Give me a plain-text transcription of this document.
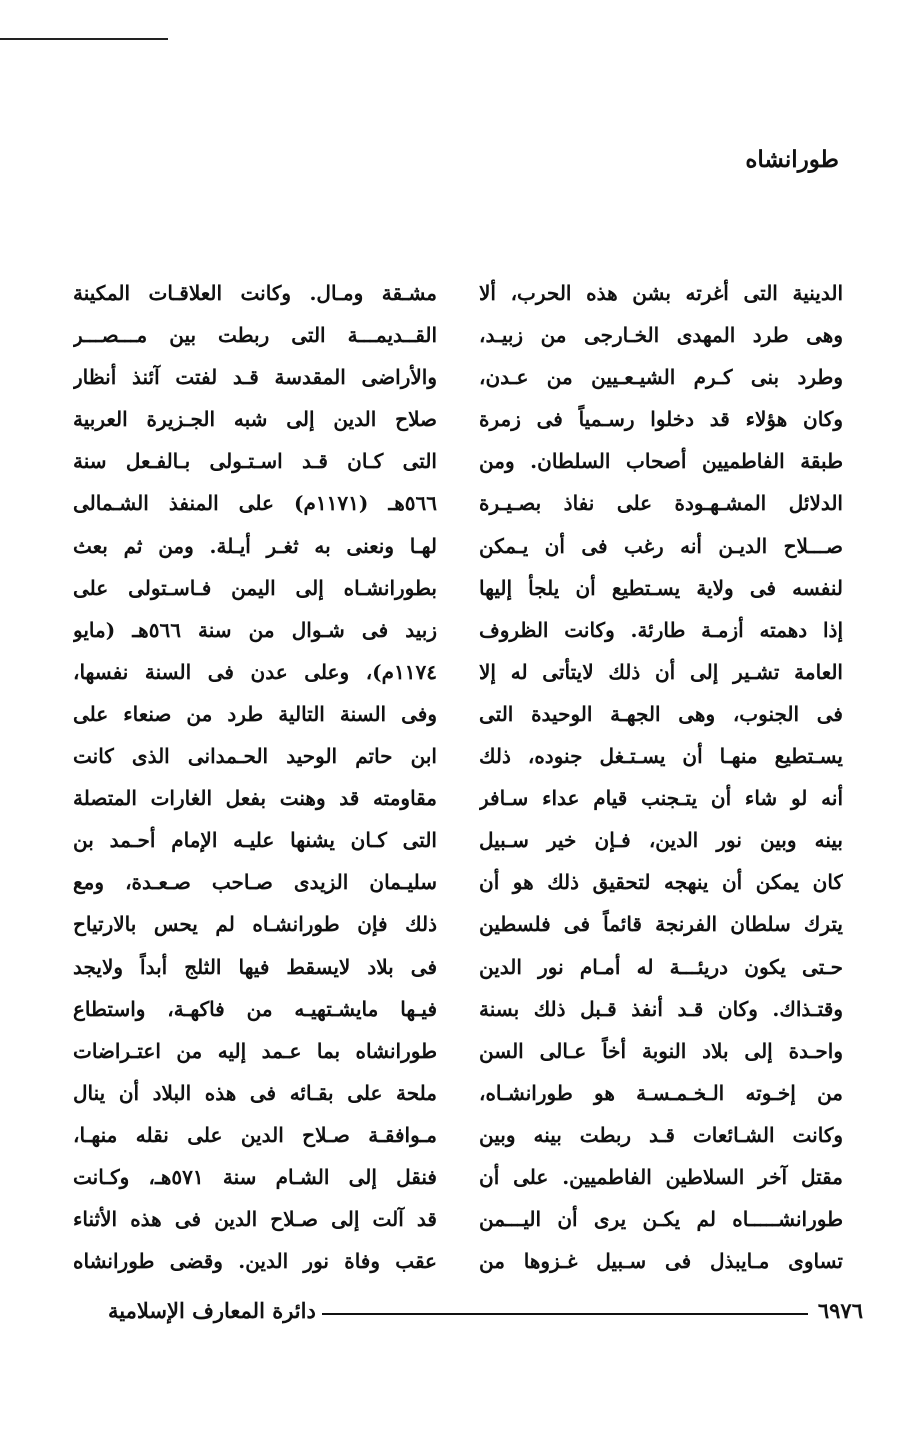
طورانشاه
الدينية التى أغرته بشن هذه الحرب، ألا
وهى طرد المهدى الخـارجى من زبيـد،
وطرد بنى كـرم الشيـعـيين من عـدن،
وكان هؤلاء قد دخلوا رسـمياً فى زمرة
طبقة الفاطميين أصحاب السلطان. ومن
الدلائل المشـهـودة على نفاذ بصـيـرة
صـــلاح الديـن أنه رغب فى أن يـمكن
لنفسه فى ولاية يسـتطيع أن يلجأ إليها
إذا دهمته أزمـة طارئة. وكانت الظروف
العامة تشـير إلى أن ذلك لايتأتى له إلا
فى الجنوب، وهى الجهـة الوحيدة التى
يسـتطيع منهـا أن يسـتـغل جنوده، ذلك
أنه لو شاء أن يتـجنب قيام عداء سـافر
بينه وبين نور الدين، فـإن خير سـبيل
كان يمكن أن ينهجه لتحقيق ذلك هو أن
يترك سلطان الفرنجة قائماً فى فلسطين
حـتى يكون دريئـــة له أمـام نور الدين
وقتـذاك. وكان قـد أنفذ قـبل ذلك بسنة
واحـدة إلى بلاد النوبة أخاً عـالى السن
من إخـوته الـخـمـسـة هو طورانشـاه،
وكانت الشـائعات قـد ربطت بينه وبين
مقتل آخر السلاطين الفاطميين. على أن
طورانشـــــاه لم يكـن يرى أن اليـــمن
تساوى مـايبذل فى سـبيل غـزوها من
مشـقة ومـال. وكانت العلاقـات المكينة
القــديمـــة التى ربطت بين مـــصـــر
والأراضى المقدسة قـد لفتت آئنذ أنظار
صلاح الدين إلى شبه الجـزيرة العربية
التى كـان قـد اسـتـولى بـالفـعل سنة
٥٦٦هـ (١١٧١م) على المنفذ الشـمالى
لهـا ونعنى به ثغـر أيـلة. ومن ثم بعث
بطورانشـاه إلى اليمن فـاسـتولى على
زبيد فى شـوال من سنة ٥٦٦هـ (مايو
١١٧٤م)، وعلى عدن فى السنة نفسها،
وفى السنة التالية طرد من صنعاء على
ابن حاتم الوحيد الحـمدانى الذى كانت
مقاومته قد وهنت بفعل الغارات المتصلة
التى كـان يشنها عليـه الإمام أحـمد بن
سليـمان الزيدى صـاحب صـعـدة، ومع
ذلك فإن طورانشـاه لم يحس بالارتياح
فى بلاد لايسقط فيها الثلج أبداً ولايجد
فيـها مايشـتهيـه من فاكهـة، واستطاع
طورانشاه بما عـمد إليه من اعتـراضات
ملحة على بقـائه فى هذه البلاد أن ينال
مـوافقـة صـلاح الدين على نقله منهـا،
فنقل إلى الشـام سنة ٥٧١هـ، وكـانت
قد آلت إلى صـلاح الدين فى هذه الأثناء
عقب وفاة نور الدين. وقضى طورانشاه
٦٩٧٦
دائرة المعارف الإسلامية
